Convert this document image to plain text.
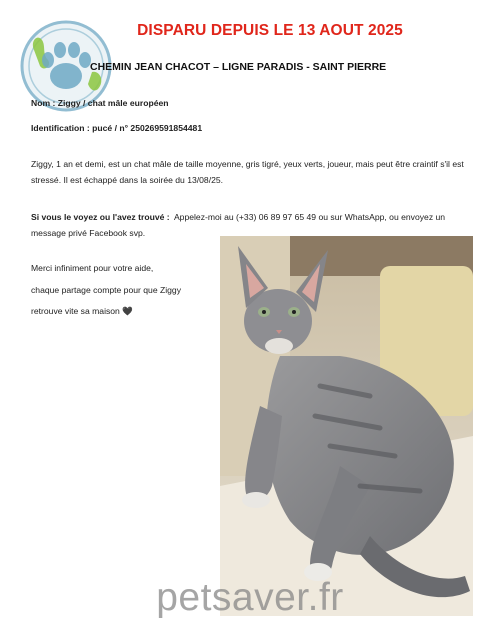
DISPARU DEPUIS LE 13 AOUT 2025
CHEMIN JEAN CHACOT – LIGNE PARADIS - SAINT PIERRE
Nom : Ziggy / chat mâle européen
Identification : pucé / n° 250269591854481
Ziggy, 1 an et demi, est un chat mâle de taille moyenne, gris tigré, yeux verts, joueur, mais peut être craintif s'il est stressé. Il est échappé dans la soirée du 13/08/25.
Si vous le voyez ou l'avez trouvé : Appelez-moi au (+33) 06 89 97 65 49 ou sur WhatsApp, ou envoyez un message privé Facebook svp.
Merci infiniment pour votre aide,
chaque partage compte pour que Ziggy
retrouve vite sa maison 🖤
petsaver.fr
